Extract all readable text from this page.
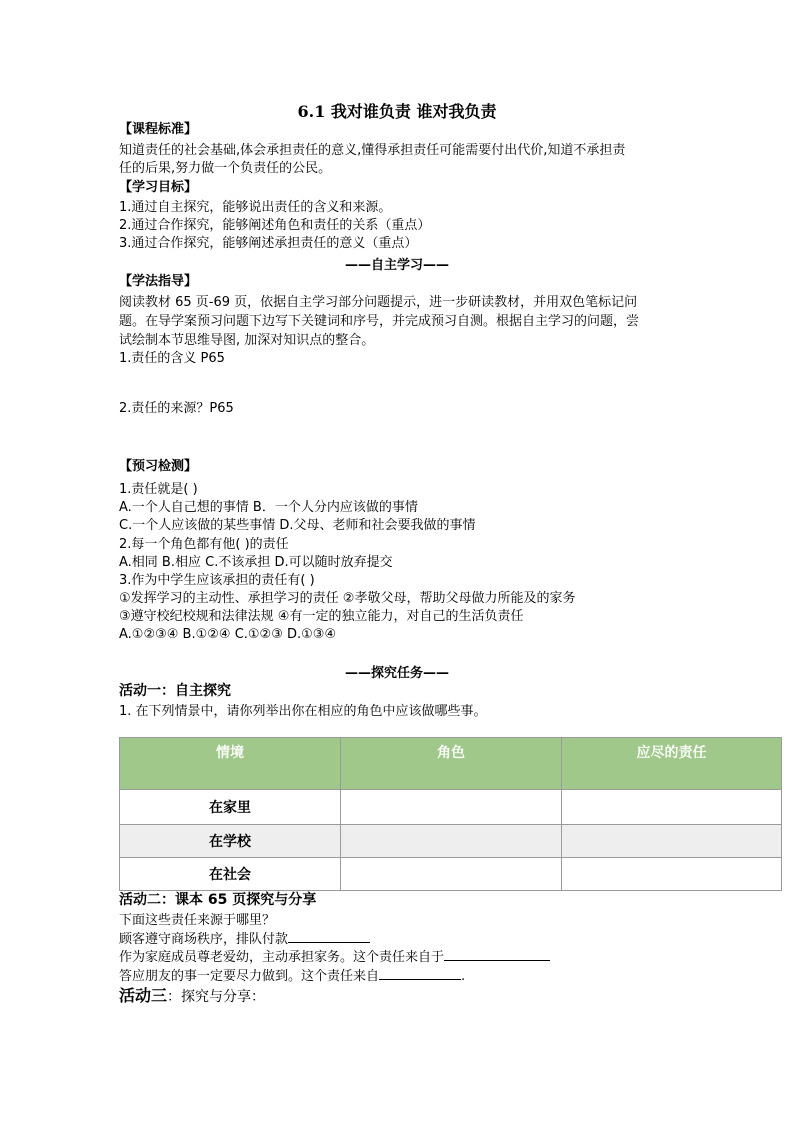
6.1 我对谁负责 谁对我负责
【课程标准】
知道责任的社会基础,体会承担责任的意义,懂得承担责任可能需要付出代价,知道不承担责
任的后果,努力做一个负责任的公民。
【学习目标】
1.通过自主探究，能够说出责任的含义和来源。
2.通过合作探究，能够阐述角色和责任的关系（重点）
3.通过合作探究，能够阐述承担责任的意义（重点）
——自主学习——
【学法指导】
阅读教材 65 页-69 页，依据自主学习部分问题提示，进一步研读教材，并用双色笔标记问
题。在导学案预习问题下边写下关键词和序号，并完成预习自测。根据自主学习的问题，尝
试绘制本节思维导图, 加深对知识点的整合。
1.责任的含义 P65
2.责任的来源？P65
【预习检测】
1.责任就是( )
A.一个人自己想的事情 B．一个人分内应该做的事情
C.一个人应该做的某些事情 D.父母、老师和社会要我做的事情
2.每一个角色都有他( )的责任
A.相同 B.相应 C.不该承担 D.可以随时放弃提交
3.作为中学生应该承担的责任有( )
①发挥学习的主动性、承担学习的责任 ②孝敬父母，帮助父母做力所能及的家务
③遵守校纪校规和法律法规 ④有一定的独立能力，对自己的生活负责任
A.①②③④ B.①②④ C.①②③ D.①③④
——探究任务——
活动一：自主探究
1. 在下列情景中，请你列举出你在相应的角色中应该做哪些事。
情境	角色	应尽的责任
在家里		
在学校		
在社会		
活动二：课本 65 页探究与分享
下面这些责任来源于哪里？
顾客遵守商场秩序，排队付款
作为家庭成员尊老爱幼，主动承担家务。这个责任来自于
答应朋友的事一定要尽力做到。这个责任来自	.
活动三：探究与分享：
